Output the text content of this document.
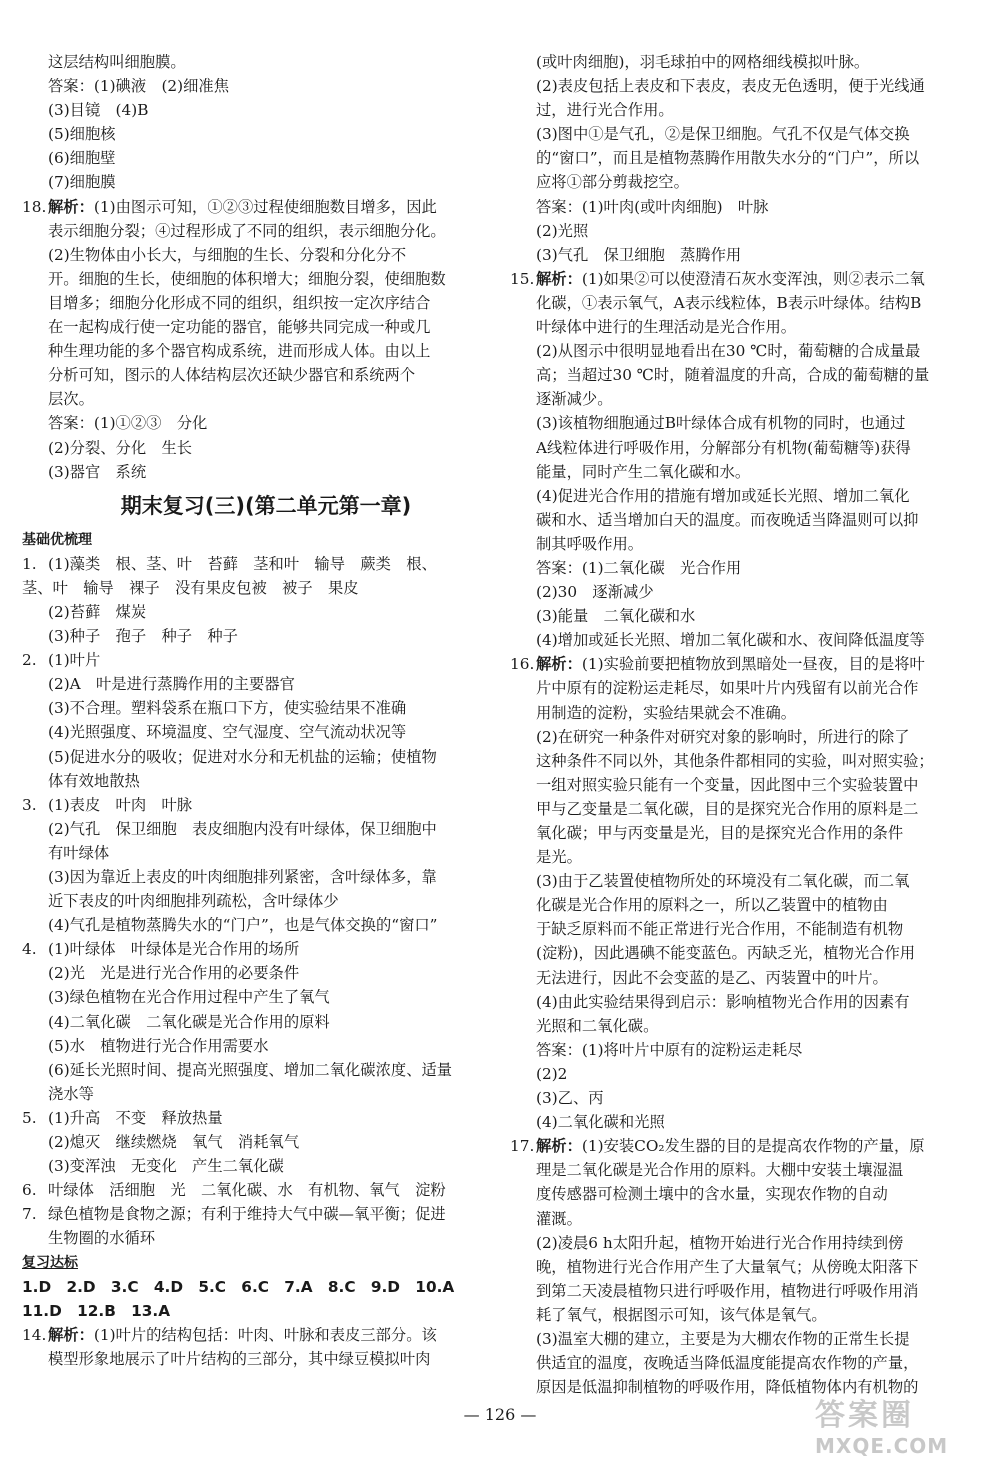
这层结构叫细胞膜。
答案：(1)碘液　(2)细准焦
(3)目镜　(4)B
(5)细胞核
(6)细胞壁
(7)细胞膜
18. 解析：(1)由图示可知，①②③过程使细胞数目增多，因此
表示细胞分裂；④过程形成了不同的组织，表示细胞分化。
(2)生物体由小长大，与细胞的生长、分裂和分化分不
开。细胞的生长，使细胞的体积增大；细胞分裂，使细胞数
目增多；细胞分化形成不同的组织，组织按一定次序结合
在一起构成行使一定功能的器官，能够共同完成一种或几
种生理功能的多个器官构成系统，进而形成人体。由以上
分析可知，图示的人体结构层次还缺少器官和系统两个
层次。
答案：(1)①②③　分化
(2)分裂、分化　生长
(3)器官　系统
期末复习(三)(第二单元第一章)
基础优梳理
1. (1)藻类　根、茎、叶　苔藓　茎和叶　输导　蕨类　根、
茎、叶　输导　裸子　没有果皮包被　被子　果皮
(2)苔藓　煤炭
(3)种子　孢子　种子　种子
2. (1)叶片
(2)A　叶是进行蒸腾作用的主要器官
(3)不合理。塑料袋系在瓶口下方，使实验结果不准确
(4)光照强度、环境温度、空气湿度、空气流动状况等
(5)促进水分的吸收；促进对水分和无机盐的运输；使植物
体有效地散热
3. (1)表皮　叶肉　叶脉
(2)气孔　保卫细胞　表皮细胞内没有叶绿体，保卫细胞中
有叶绿体
(3)因为靠近上表皮的叶肉细胞排列紧密，含叶绿体多，靠
近下表皮的叶肉细胞排列疏松，含叶绿体少
(4)气孔是植物蒸腾失水的“门户”，也是气体交换的“窗口”
4. (1)叶绿体　叶绿体是光合作用的场所
(2)光　光是进行光合作用的必要条件
(3)绿色植物在光合作用过程中产生了氧气
(4)二氧化碳　二氧化碳是光合作用的原料
(5)水　植物进行光合作用需要水
(6)延长光照时间、提高光照强度、增加二氧化碳浓度、适量
浇水等
5. (1)升高　不变　释放热量
(2)熄灭　继续燃烧　氧气　消耗氧气
(3)变浑浊　无变化　产生二氧化碳
6. 叶绿体　活细胞　光　二氧化碳、水　有机物、氧气　淀粉
7. 绿色植物是食物之源；有利于维持大气中碳—氧平衡；促进
生物圈的水循环
复习达标
1.D　2.D　3.C　4.D　5.C　6.C　7.A　8.C　9.D　10.A
11.D　12.B　13.A
14. 解析：(1)叶片的结构包括：叶肉、叶脉和表皮三部分。该
模型形象地展示了叶片结构的三部分，其中绿豆模拟叶肉
(或叶肉细胞)，羽毛球拍中的网格细线模拟叶脉。
(2)表皮包括上表皮和下表皮，表皮无色透明，便于光线通
过，进行光合作用。
(3)图中①是气孔，②是保卫细胞。气孔不仅是气体交换
的“窗口”，而且是植物蒸腾作用散失水分的“门户”，所以
应将①部分剪裁挖空。
答案：(1)叶肉(或叶肉细胞)　叶脉
(2)光照
(3)气孔　保卫细胞　蒸腾作用
15. 解析：(1)如果②可以使澄清石灰水变浑浊，则②表示二氧
化碳，①表示氧气，A表示线粒体，B表示叶绿体。结构B
叶绿体中进行的生理活动是光合作用。
(2)从图示中很明显地看出在30 ℃时，葡萄糖的合成量最
高；当超过30 ℃时，随着温度的升高，合成的葡萄糖的量
逐渐减少。
(3)该植物细胞通过B叶绿体合成有机物的同时，也通过
A线粒体进行呼吸作用，分解部分有机物(葡萄糖等)获得
能量，同时产生二氧化碳和水。
(4)促进光合作用的措施有增加或延长光照、增加二氧化
碳和水、适当增加白天的温度。而夜晚适当降温则可以抑
制其呼吸作用。
答案：(1)二氧化碳　光合作用
(2)30　逐渐减少
(3)能量　二氧化碳和水
(4)增加或延长光照、增加二氧化碳和水、夜间降低温度等
16. 解析：(1)实验前要把植物放到黑暗处一昼夜，目的是将叶
片中原有的淀粉运走耗尽，如果叶片内残留有以前光合作
用制造的淀粉，实验结果就会不准确。
(2)在研究一种条件对研究对象的影响时，所进行的除了
这种条件不同以外，其他条件都相同的实验，叫对照实验；
一组对照实验只能有一个变量，因此图中三个实验装置中
甲与乙变量是二氧化碳，目的是探究光合作用的原料是二
氧化碳；甲与丙变量是光，目的是探究光合作用的条件
是光。
(3)由于乙装置使植物所处的环境没有二氧化碳，而二氧
化碳是光合作用的原料之一，所以乙装置中的植物由
于缺乏原料而不能正常进行光合作用，不能制造有机物
(淀粉)，因此遇碘不能变蓝色。丙缺乏光，植物光合作用
无法进行，因此不会变蓝的是乙、丙装置中的叶片。
(4)由此实验结果得到启示：影响植物光合作用的因素有
光照和二氧化碳。
答案：(1)将叶片中原有的淀粉运走耗尽
(2)2
(3)乙、丙
(4)二氧化碳和光照
17. 解析：(1)安装CO₂发生器的目的是提高农作物的产量，原
理是二氧化碳是光合作用的原料。大棚中安装土壤湿温
度传感器可检测土壤中的含水量，实现农作物的自动
灌溉。
(2)凌晨6 h太阳升起，植物开始进行光合作用持续到傍
晚，植物进行光合作用产生了大量氧气；从傍晚太阳落下
到第二天凌晨植物只进行呼吸作用，植物进行呼吸作用消
耗了氧气，根据图示可知，该气体是氧气。
(3)温室大棚的建立，主要是为大棚农作物的正常生长提
供适宜的温度，夜晚适当降低温度能提高农作物的产量，
原因是低温抑制植物的呼吸作用，降低植物体内有机物的
— 126 —	答案圈
MXQE.COM
